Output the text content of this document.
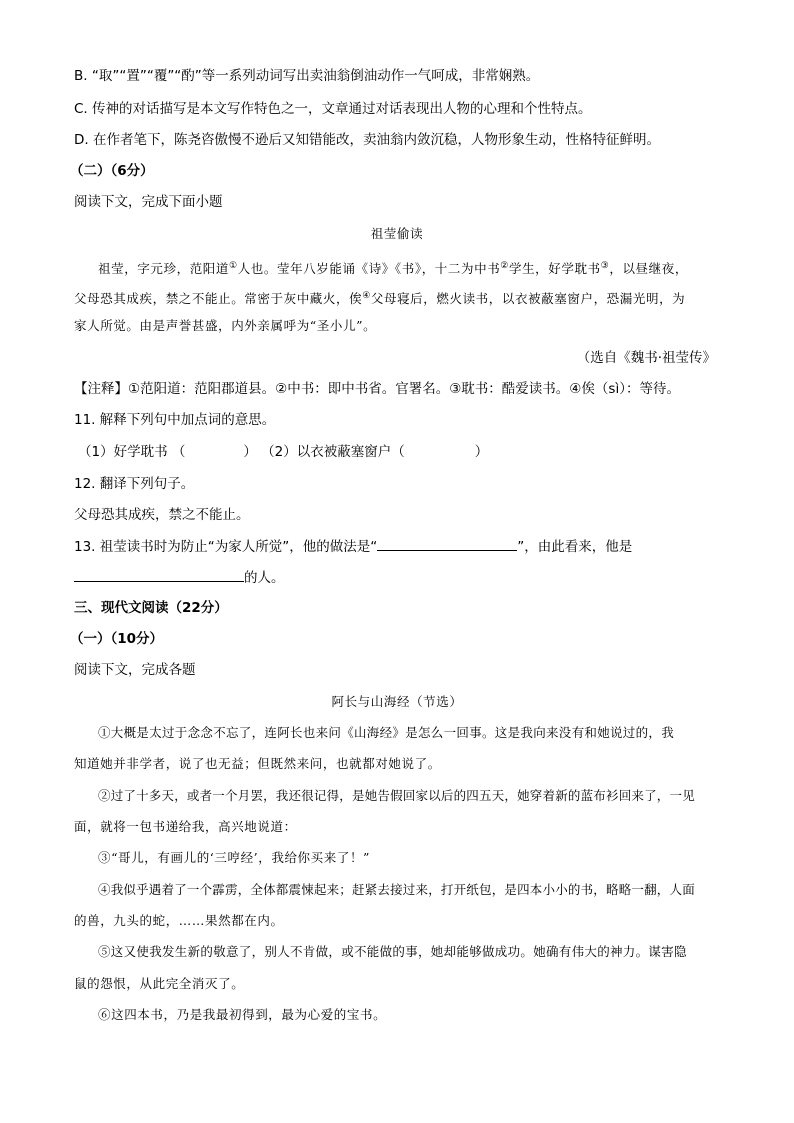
B. “取”“置”“覆”“酌”等一系列动词写出卖油翁倒油动作一气呵成，非常娴熟。
C. 传神的对话描写是本文写作特色之一，文章通过对话表现出人物的心理和个性特点。
D. 在作者笔下，陈尧咨傲慢不逊后又知错能改，卖油翁内敛沉稳，人物形象生动，性格特征鲜明。
（二）（6分）
阅读下文，完成下面小题
祖莹偷读
祖莹，字元珍，范阳道①人也。莹年八岁能诵《诗》《书》，十二为中书②学生，好学耽书③，以昼继夜，
父母恐其成疾，禁之不能止。常密于灰中藏火，俟④父母寝后，燃火读书，以衣被蔽塞窗户，恐漏光明，为
家人所觉。由是声誉甚盛，内外亲属呼为“圣小儿”。
（选自《魏书·祖莹传》
【注释】①范阳道：范阳郡道县。②中书：即中书省。官署名。③耽书：酷爱读书。④俟（sì）：等待。
11. 解释下列句中加点词的意思。
（1）好学耽书 （	） （2）以衣被蔽塞窗户（	）
12. 翻译下列句子。
父母恐其成疾，禁之不能止。
13. 祖莹读书时为防止“为家人所觉”，他的做法是“	”，由此看来，他是
的人。
三、现代文阅读（22分）
（一）（10分）
阅读下文，完成各题
阿长与山海经（节选）
①大概是太过于念念不忘了，连阿长也来问《山海经》是怎么一回事。这是我向来没有和她说过的，我
知道她并非学者，说了也无益；但既然来问，也就都对她说了。
②过了十多天，或者一个月罢，我还很记得，是她告假回家以后的四五天，她穿着新的蓝布衫回来了，一见
面，就将一包书递给我，高兴地说道：
③“哥儿，有画儿的‘三哼经’，我给你买来了！”
④我似乎遇着了一个霹雳，全体都震悚起来；赶紧去接过来，打开纸包，是四本小小的书，略略一翻，人面
的兽，九头的蛇，……果然都在内。
⑤这又使我发生新的敬意了，别人不肯做，或不能做的事，她却能够做成功。她确有伟大的神力。谋害隐
鼠的怨恨，从此完全消灭了。
⑥这四本书，乃是我最初得到，最为心爱的宝书。
